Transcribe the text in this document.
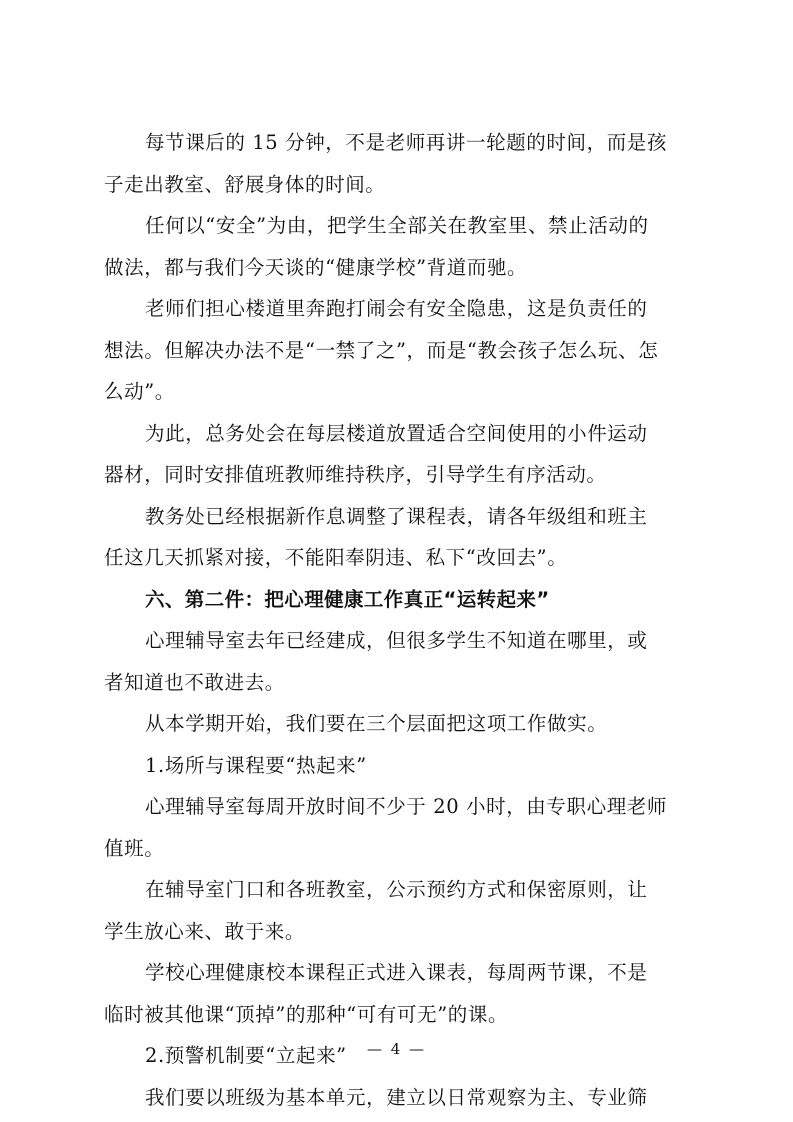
每节课后的 15 分钟，不是老师再讲一轮题的时间，而是孩
子走出教室、舒展身体的时间。

任何以“安全”为由，把学生全部关在教室里、禁止活动的
做法，都与我们今天谈的“健康学校”背道而驰。

老师们担心楼道里奔跑打闹会有安全隐患，这是负责任的
想法。但解决办法不是“一禁了之”，而是“教会孩子怎么玩、怎
么动”。

为此，总务处会在每层楼道放置适合空间使用的小件运动
器材，同时安排值班教师维持秩序，引导学生有序活动。

教务处已经根据新作息调整了课程表，请各年级组和班主
任这几天抓紧对接，不能阳奉阴违、私下“改回去”。

六、第二件：把心理健康工作真正“运转起来”

心理辅导室去年已经建成，但很多学生不知道在哪里，或
者知道也不敢进去。

从本学期开始，我们要在三个层面把这项工作做实。

1.场所与课程要“热起来”

心理辅导室每周开放时间不少于 20 小时，由专职心理老师
值班。

在辅导室门口和各班教室，公示预约方式和保密原则，让
学生放心来、敢于来。

学校心理健康校本课程正式进入课表，每周两节课，不是
临时被其他课“顶掉”的那种“可有可无”的课。

2.预警机制要“立起来”

我们要以班级为基本单元，建立以日常观察为主、专业筛

— 4 —
